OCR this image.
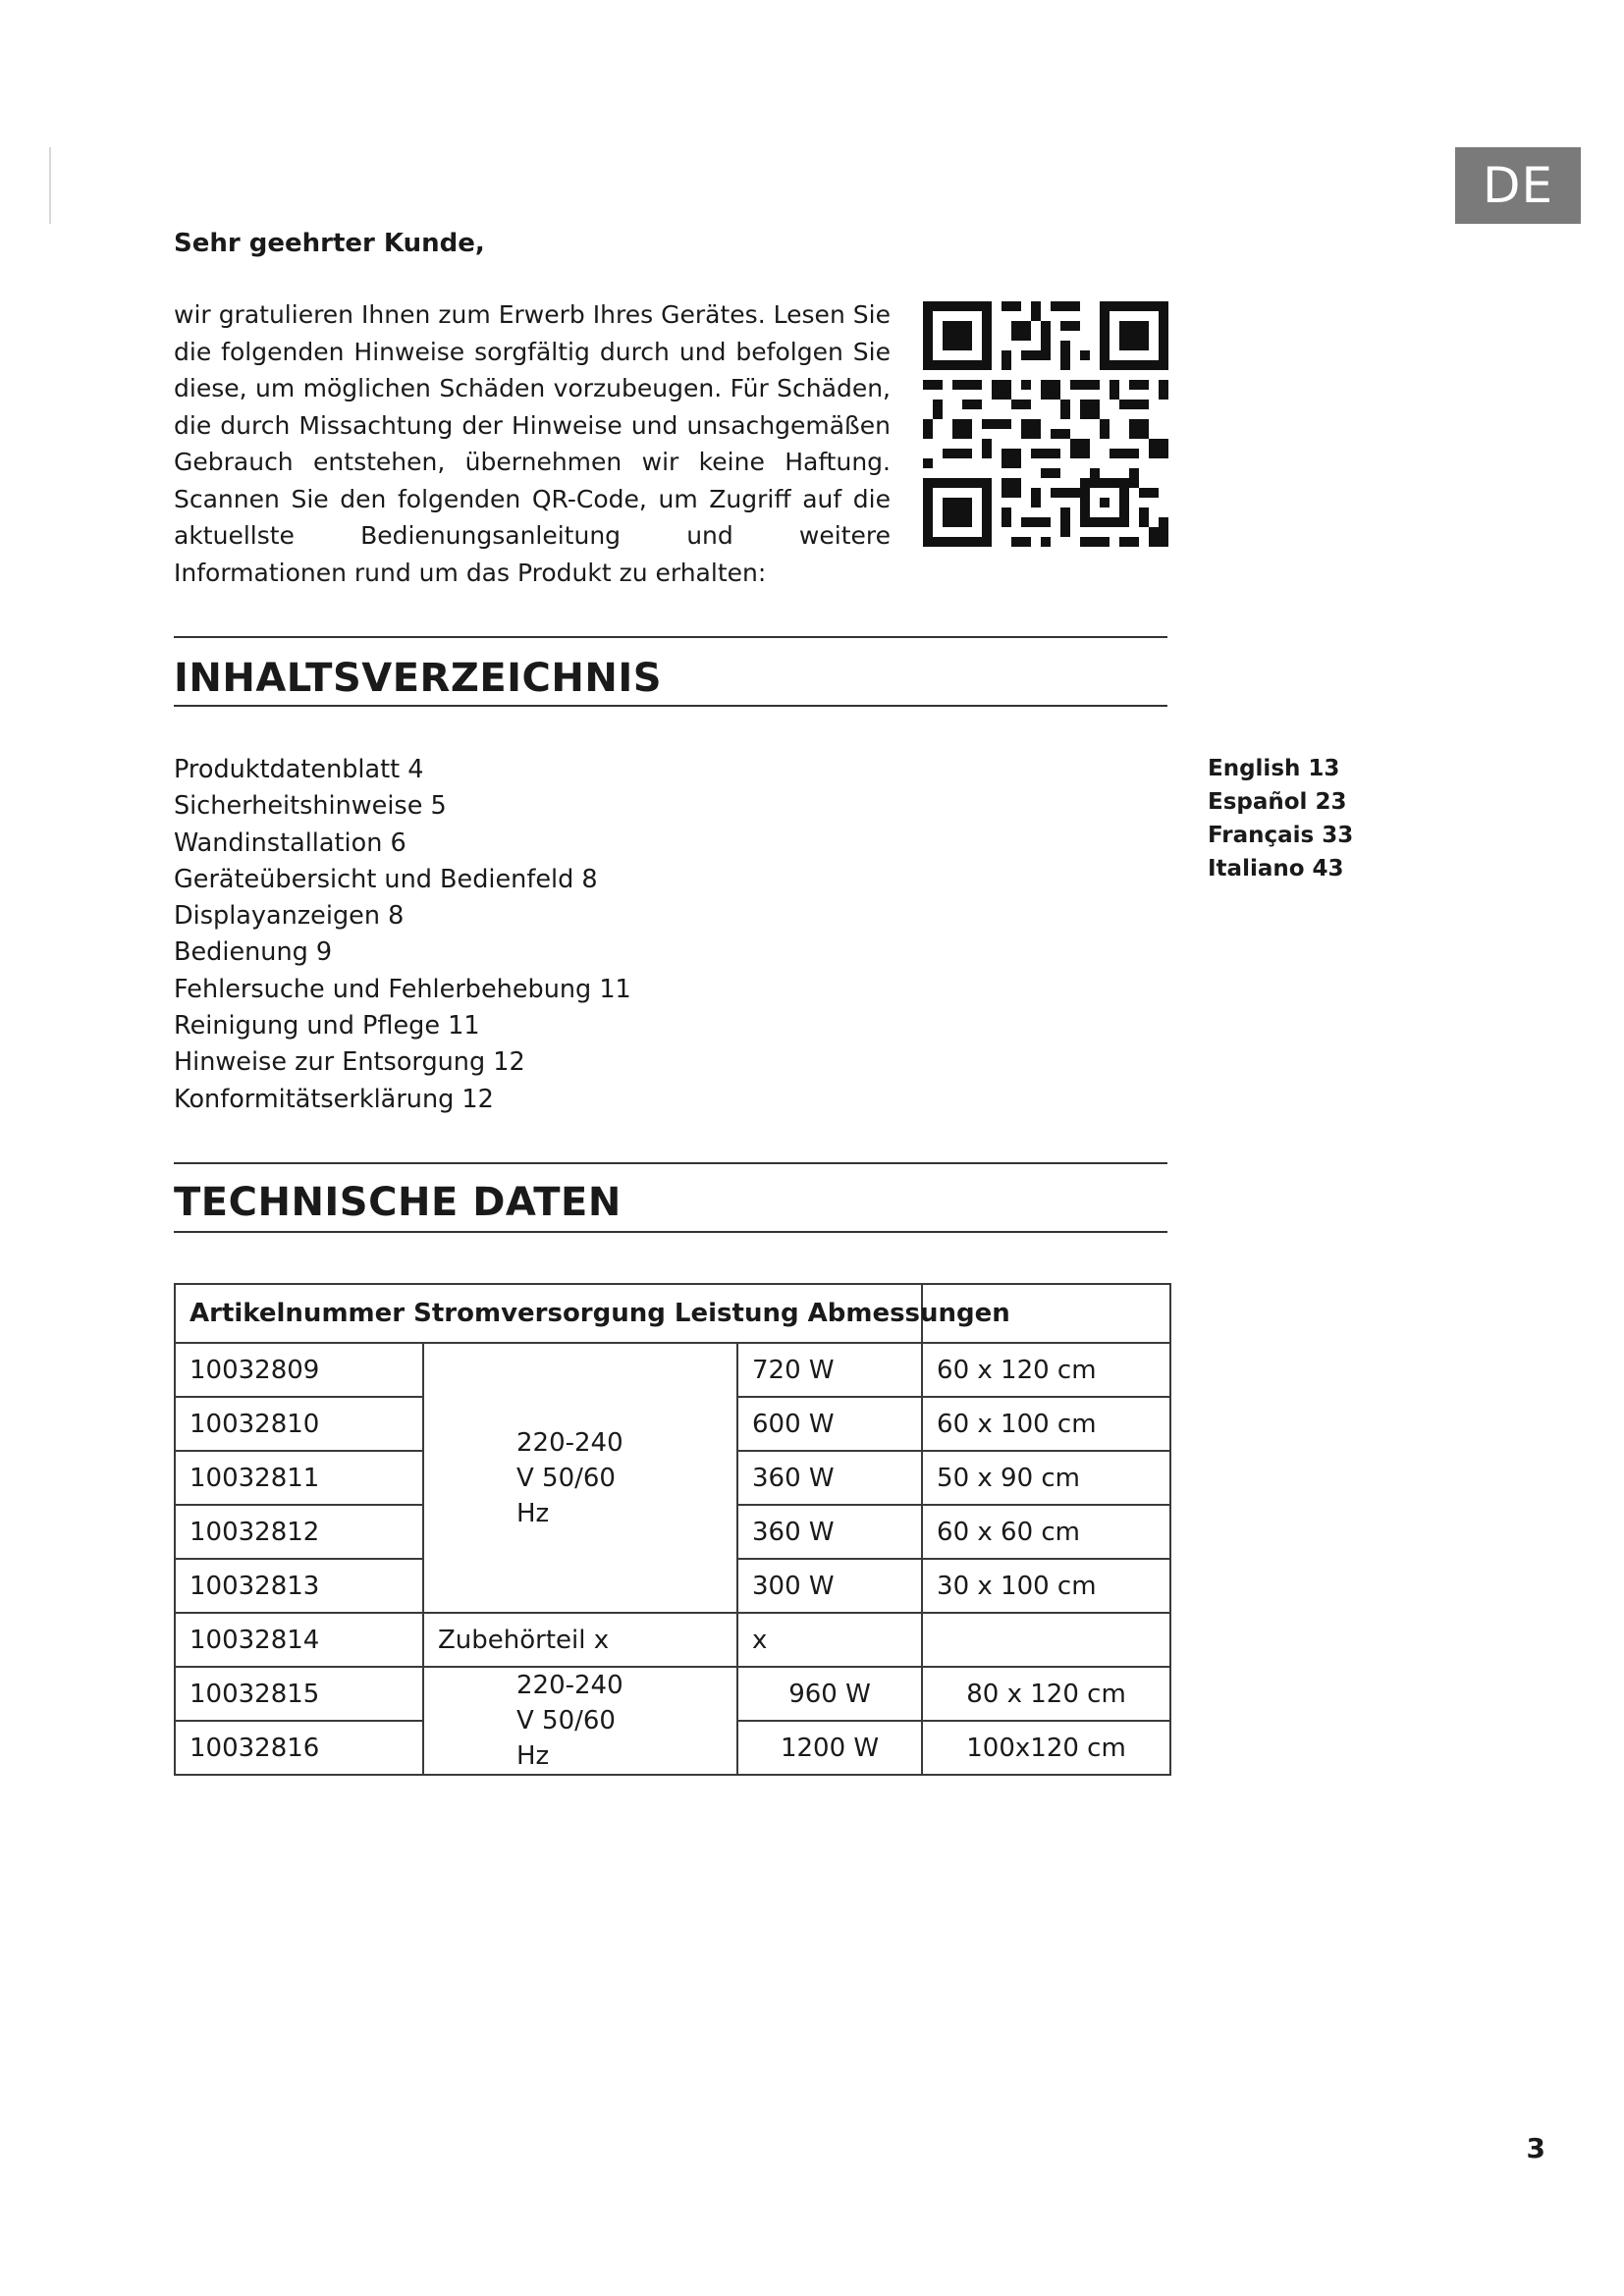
DE
Sehr geehrter Kunde,
wir gratulieren Ihnen zum Erwerb Ihres Gerätes. Lesen Sie die folgenden Hinweise sorgfältig durch und befolgen Sie diese, um möglichen Schäden vorzubeugen. Für Schäden, die durch Missachtung der Hinweise und unsachgemäßen Gebrauch entstehen, übernehmen wir keine Haftung. Scannen Sie den folgenden QR-Code, um Zugriff auf die aktuellste Bedienungsanleitung und weitere Informationen rund um das Produkt zu erhalten:
INHALTSVERZEICHNIS
Produktdatenblatt 4
Sicherheitshinweise 5
Wandinstallation 6
Geräteübersicht und Bedienfeld 8
Displayanzeigen 8
Bedienung 9
Fehlersuche und Fehlerbehebung 11
Reinigung und Pflege 11
Hinweise zur Entsorgung 12
Konformitätserklärung 12
English 13
Español 23
Français 33
Italiano 43
TECHNISCHE DATEN
Artikelnummer Stromversorgung Leistung Abmessungen			
10032809	220-240 V 50/60 Hz	720 W	60 x 120 cm
10032810		600 W	60 x 100 cm
10032811		360 W	50 x 90 cm
10032812		360 W	60 x 60 cm
10032813		300 W	30 x 100 cm
10032814	Zubehörteil x	x	
10032815	220-240 V 50/60 Hz	960 W	80 x 120 cm
10032816		1200 W	100x120 cm
3
